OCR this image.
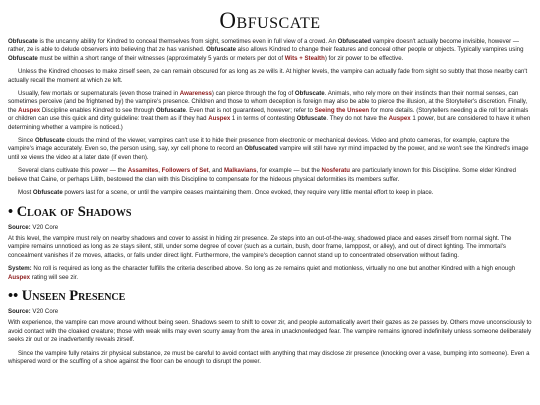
Obfuscate

Obfuscate is the uncanny ability for Kindred to conceal themselves from sight, sometimes even in full view of a crowd. An Obfuscated vampire doesn't actually become invisible, however — rather, ze is able to delude observers into believing that ze has vanished. Obfuscate also allows Kindred to change their features and conceal other people or objects. Typically vampires using Obfuscate must be within a short range of their witnesses (approximately 5 yards or meters per dot of Wits + Stealth) for zir power to be effective.

Unless the Kindred chooses to make zirself seen, ze can remain obscured for as long as ze wills it. At higher levels, the vampire can actually fade from sight so subtly that those nearby can't actually recall the moment at which ze left.

Usually, few mortals or supernaturals (even those trained in Awareness) can pierce through the fog of Obfuscate. Animals, who rely more on their instincts than their normal senses, can sometimes perceive (and be frightened by) the vampire's presence. Children and those to whom deception is foreign may also be able to pierce the illusion, at the Storyteller's discretion. Finally, the Auspex Discipline enables Kindred to see through Obfuscate. Even that is not guaranteed, however; refer to Seeing the Unseen for more details. (Storytellers needing a die roll for animals or children can use this quick and dirty guideline: treat them as if they had Auspex 1 in terms of contesting Obfuscate. They do not have the Auspex 1 power, but are considered to have it when determining whether a vampire is noticed.)

Since Obfuscate clouds the mind of the viewer, vampires can't use it to hide their presence from electronic or mechanical devices. Video and photo cameras, for example, capture the vampire's image accurately. Even so, the person using, say, xyr cell phone to record an Obfuscated vampire will still have xyr mind impacted by the power, and xe won't see the Kindred's image until xe views the video at a later date (if even then).

Several clans cultivate this power — the Assamites, Followers of Set, and Malkavians, for example — but the Nosferatu are particularly known for this Discipline. Some elder Kindred believe that Caine, or perhaps Lilith, bestowed the clan with this Discipline to compensate for the hideous physical deformities its members suffer.

Most Obfuscate powers last for a scene, or until the vampire ceases maintaining them. Once evoked, they require very little mental effort to keep in place.

• Cloak of Shadows

Source: V20 Core

At this level, the vampire must rely on nearby shadows and cover to assist in hiding zir presence. Ze steps into an out-of-the-way, shadowed place and eases zirself from normal sight. The vampire remains unnoticed as long as ze stays silent, still, under some degree of cover (such as a curtain, bush, door frame, lamppost, or alley), and out of direct lighting. The immortal's concealment vanishes if ze moves, attacks, or falls under direct light. Furthermore, the vampire's deception cannot stand up to concentrated observation without fading.

System: No roll is required as long as the character fulfills the criteria described above. So long as ze remains quiet and motionless, virtually no one but another Kindred with a high enough Auspex rating will see zir.

•• Unseen Presence

Source: V20 Core

With experience, the vampire can move around without being seen. Shadows seem to shift to cover zir, and people automatically avert their gazes as ze passes by. Others move unconsciously to avoid contact with the cloaked creature; those with weak wills may even scurry away from the area in unacknowledged fear. The vampire remains ignored indefinitely unless someone deliberately seeks zir out or ze inadvertently reveals zirself.

Since the vampire fully retains zir physical substance, ze must be careful to avoid contact with anything that may disclose zir presence (knocking over a vase, bumping into someone). Even a whispered word or the scuffing of a shoe against the floor can be enough to disrupt the power.
